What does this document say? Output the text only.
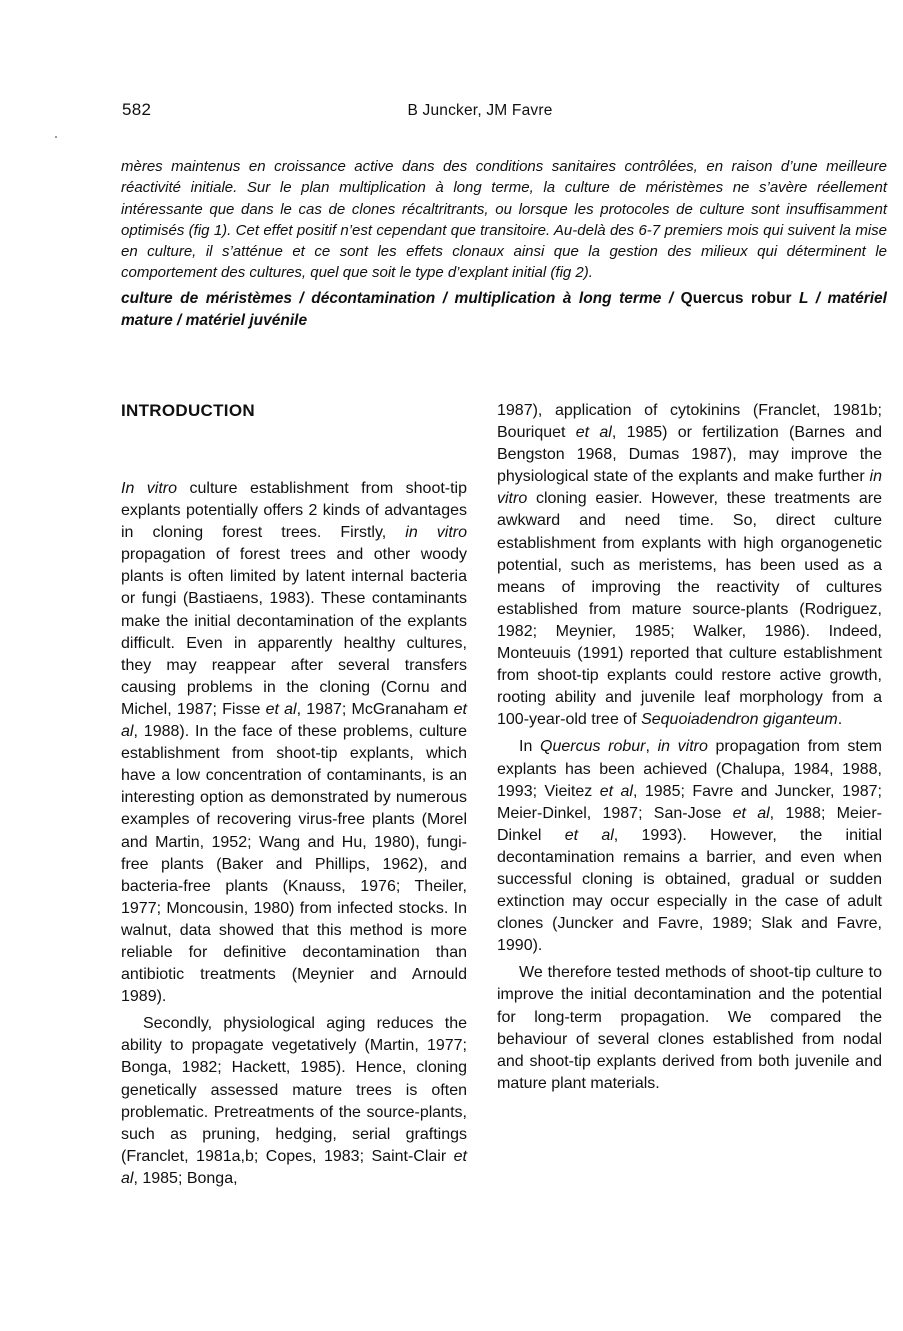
582	B Juncker, JM Favre
mères maintenus en croissance active dans des conditions sanitaires contrôlées, en raison d’une meilleure réactivité initiale. Sur le plan multiplication à long terme, la culture de méristèmes ne s’avère réellement intéressante que dans le cas de clones récaltritrants, ou lorsque les protocoles de culture sont insuffisamment optimisés (fig 1). Cet effet positif n’est cependant que transitoire. Au-delà des 6-7 premiers mois qui suivent la mise en culture, il s’atténue et ce sont les effets clonaux ainsi que la gestion des milieux qui déterminent le comportement des cultures, quel que soit le type d’explant initial (fig 2).
culture de méristèmes / décontamination / multiplication à long terme / Quercus robur L / matériel mature / matériel juvénile
INTRODUCTION

In vitro culture establishment from shoot-tip explants potentially offers 2 kinds of advantages in cloning forest trees. Firstly, in vitro propagation of forest trees and other woody plants is often limited by latent internal bacteria or fungi (Bastiaens, 1983). These contaminants make the initial decontamination of the explants difficult. Even in apparently healthy cultures, they may reappear after several transfers causing problems in the cloning (Cornu and Michel, 1987; Fisse et al, 1987; McGranaham et al, 1988). In the face of these problems, culture establishment from shoot-tip explants, which have a low concentration of contaminants, is an interesting option as demonstrated by numerous examples of recovering virus-free plants (Morel and Martin, 1952; Wang and Hu, 1980), fungi-free plants (Baker and Phillips, 1962), and bacteria-free plants (Knauss, 1976; Theiler, 1977; Moncousin, 1980) from infected stocks. In walnut, data showed that this method is more reliable for definitive decontamination than antibiotic treatments (Meynier and Arnould 1989).

Secondly, physiological aging reduces the ability to propagate vegetatively (Martin, 1977; Bonga, 1982; Hackett, 1985). Hence, cloning genetically assessed mature trees is often problematic. Pretreatments of the source-plants, such as pruning, hedging, serial graftings (Franclet, 1981a,b; Copes, 1983; Saint-Clair et al, 1985; Bonga,

1987), application of cytokinins (Franclet, 1981b; Bouriquet et al, 1985) or fertilization (Barnes and Bengston 1968, Dumas 1987), may improve the physiological state of the explants and make further in vitro cloning easier. However, these treatments are awkward and need time. So, direct culture establishment from explants with high organogenetic potential, such as meristems, has been used as a means of improving the reactivity of cultures established from mature source-plants (Rodriguez, 1982; Meynier, 1985; Walker, 1986). Indeed, Monteuuis (1991) reported that culture establishment from shoot-tip explants could restore active growth, rooting ability and juvenile leaf morphology from a 100-year-old tree of Sequoiadendron giganteum.

In Quercus robur, in vitro propagation from stem explants has been achieved (Chalupa, 1984, 1988, 1993; Vieitez et al, 1985; Favre and Juncker, 1987; Meier-Dinkel, 1987; San-Jose et al, 1988; Meier-Dinkel et al, 1993). However, the initial decontamination remains a barrier, and even when successful cloning is obtained, gradual or sudden extinction may occur especially in the case of adult clones (Juncker and Favre, 1989; Slak and Favre, 1990).

We therefore tested methods of shoot-tip culture to improve the initial decontamination and the potential for long-term propagation. We compared the behaviour of several clones established from nodal and shoot-tip explants derived from both juvenile and mature plant materials.
